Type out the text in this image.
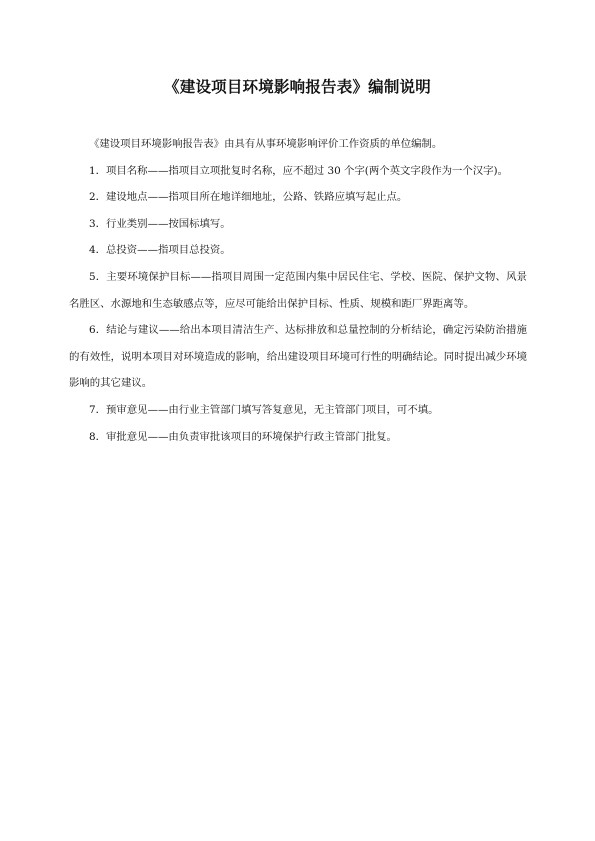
《建设项目环境影响报告表》编制说明

《建设项目环境影响报告表》由具有从事环境影响评价工作资质的单位编制。

1．项目名称——指项目立项批复时名称，应不超过 30 个字(两个英文字段作为一个汉字)。

2．建设地点——指项目所在地详细地址，公路、铁路应填写起止点。

3．行业类别——按国标填写。

4．总投资——指项目总投资。

5．主要环境保护目标——指项目周围一定范围内集中居民住宅、学校、医院、保护文物、风景名胜区、水源地和生态敏感点等，应尽可能给出保护目标、性质、规模和距厂界距离等。

6．结论与建议——给出本项目清洁生产、达标排放和总量控制的分析结论，确定污染防治措施的有效性，说明本项目对环境造成的影响，给出建设项目环境可行性的明确结论。同时提出减少环境影响的其它建议。

7．预审意见——由行业主管部门填写答复意见，无主管部门项目，可不填。

8．审批意见——由负责审批该项目的环境保护行政主管部门批复。
